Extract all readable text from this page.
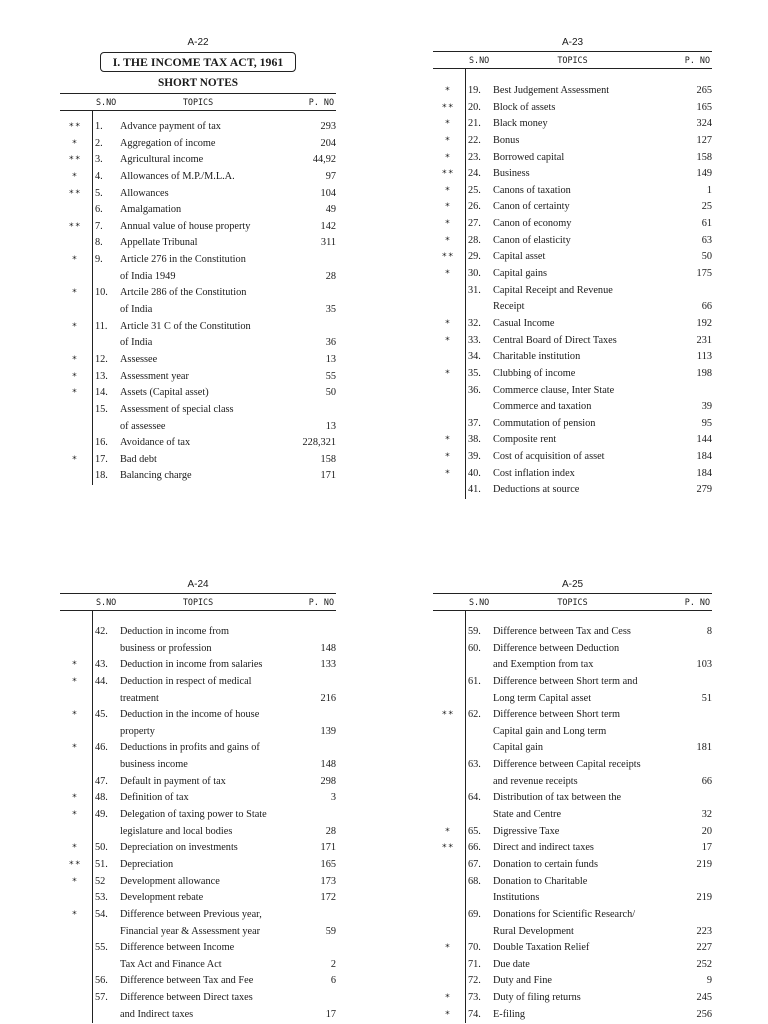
A-22
I. THE INCOME TAX ACT, 1961
SHORT NOTES
S.NO	TOPICS	P. NO
**	1. Advance payment of tax	293
*	2. Aggregation of income	204
**	3. Agricultural income	44,92
*	4. Allowances of M.P./M.L.A.	97
**	5. Allowances	104
6. Amalgamation	49
**	7. Annual value of house property	142
8. Appellate Tribunal	311
*	9. Article 276 in the Constitution
of India 1949	28
*	10. Artcile 286 of the Constitution
of India	35
*	11. Article 31 C of the Constitution
of India	36
*	12. Assessee	13
*	13. Assessment year	55
*	14. Assets (Capital asset)	50
15. Assessment of special class
of assessee	13
16. Avoidance of tax	228,321
*	17. Bad debt	158
18. Balancing charge	171
A-23
S.NO	TOPICS	P. NO
*	19. Best Judgement Assessment	265
**	20. Block of assets	165
*	21. Black money	324
*	22. Bonus	127
*	23. Borrowed capital	158
**	24. Business	149
*	25. Canons of taxation	1
*	26. Canon of certainty	25
*	27. Canon of economy	61
*	28. Canon of elasticity	63
**	29. Capital asset	50
*	30. Capital gains	175
31. Capital Receipt and Revenue
Receipt	66
*	32. Casual Income	192
*	33. Central Board of Direct Taxes	231
34. Charitable institution	113
*	35. Clubbing of income	198
36. Commerce clause, Inter State
Commerce and taxation	39
37. Commutation of pension	95
*	38. Composite rent	144
*	39. Cost of acquisition of asset	184
*	40. Cost inflation index	184
41. Deductions at source	279
A-24
S.NO	TOPICS	P. NO
42. Deduction in income from
business or profession	148
*	43. Deduction in income from salaries	133
*	44. Deduction in respect of medical
treatment	216
*	45. Deduction in the income of house
property	139
*	46. Deductions in profits and gains of
business income	148
47. Default in payment of tax	298
*	48. Definition of tax	3
*	49. Delegation of taxing power to State
legislature and local bodies	28
*	50. Depreciation on investments	171
**	51. Depreciation	165
*	52 Development allowance	173
53. Development rebate	172
*	54. Difference between Previous year,
Financial year & Assessment year	59
55. Difference between Income
Tax Act and Finance Act	2
56. Difference between Tax and Fee	6
57. Difference between Direct taxes
and Indirect taxes	17
A-25
S.NO	TOPICS	P. NO
59. Difference between Tax and Cess	8
60. Difference between Deduction
and Exemption from tax	103
61. Difference between Short term and
Long term Capital asset	51
**	62. Difference between Short term
Capital gain and Long term
Capital gain	181
63. Difference between Capital receipts
and revenue receipts	66
64. Distribution of tax between the
State and Centre	32
*	65. Digressive Taxe	20
**	66. Direct and indirect taxes	17
67. Donation to certain funds	219
68. Donation to Charitable
Institutions	219
69. Donations for Scientific Research/
Rural Development	223
*	70. Double Taxation Relief	227
71. Due date	252
72. Duty and Fine	9
*	73. Duty of filing returns	245
*	74. E-filing	256
